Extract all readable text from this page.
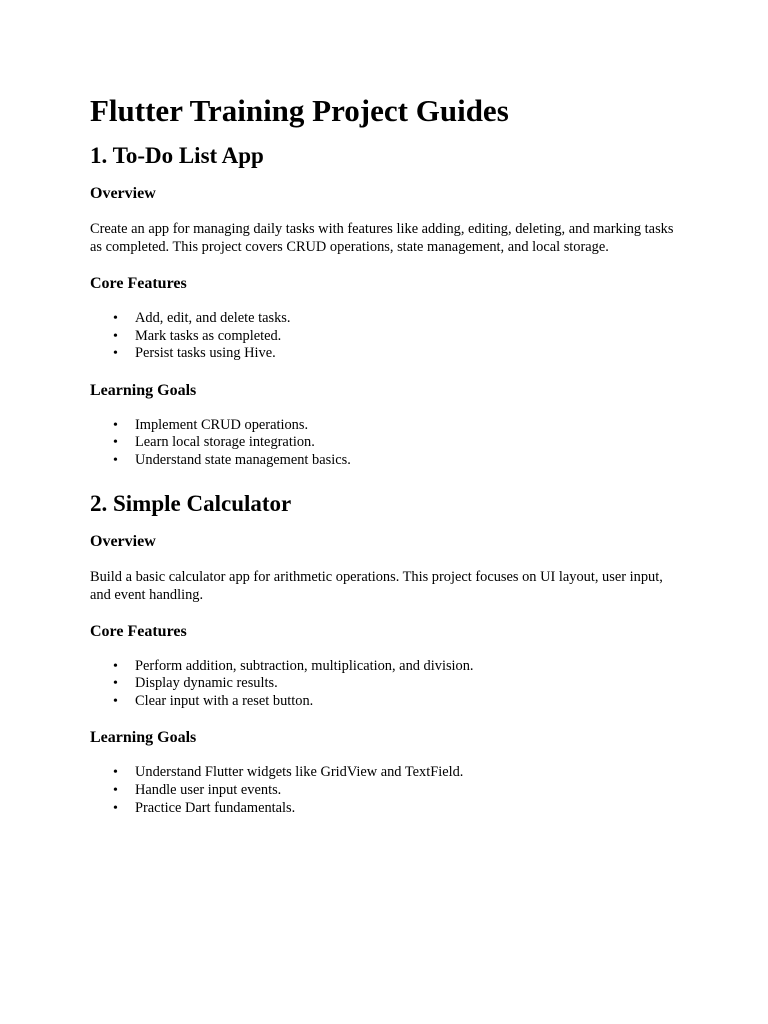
Flutter Training Project Guides
1. To-Do List App
Overview

Create an app for managing daily tasks with features like adding, editing, deleting, and marking tasks as completed. This project covers CRUD operations, state management, and local storage.

Core Features
• Add, edit, and delete tasks.
• Mark tasks as completed.
• Persist tasks using Hive.
Learning Goals
• Implement CRUD operations.
• Learn local storage integration.
• Understand state management basics.
2. Simple Calculator
Overview

Build a basic calculator app for arithmetic operations. This project focuses on UI layout, user input, and event handling.

Core Features
• Perform addition, subtraction, multiplication, and division.
• Display dynamic results.
• Clear input with a reset button.
Learning Goals
• Understand Flutter widgets like GridView and TextField.
• Handle user input events.
• Practice Dart fundamentals.
